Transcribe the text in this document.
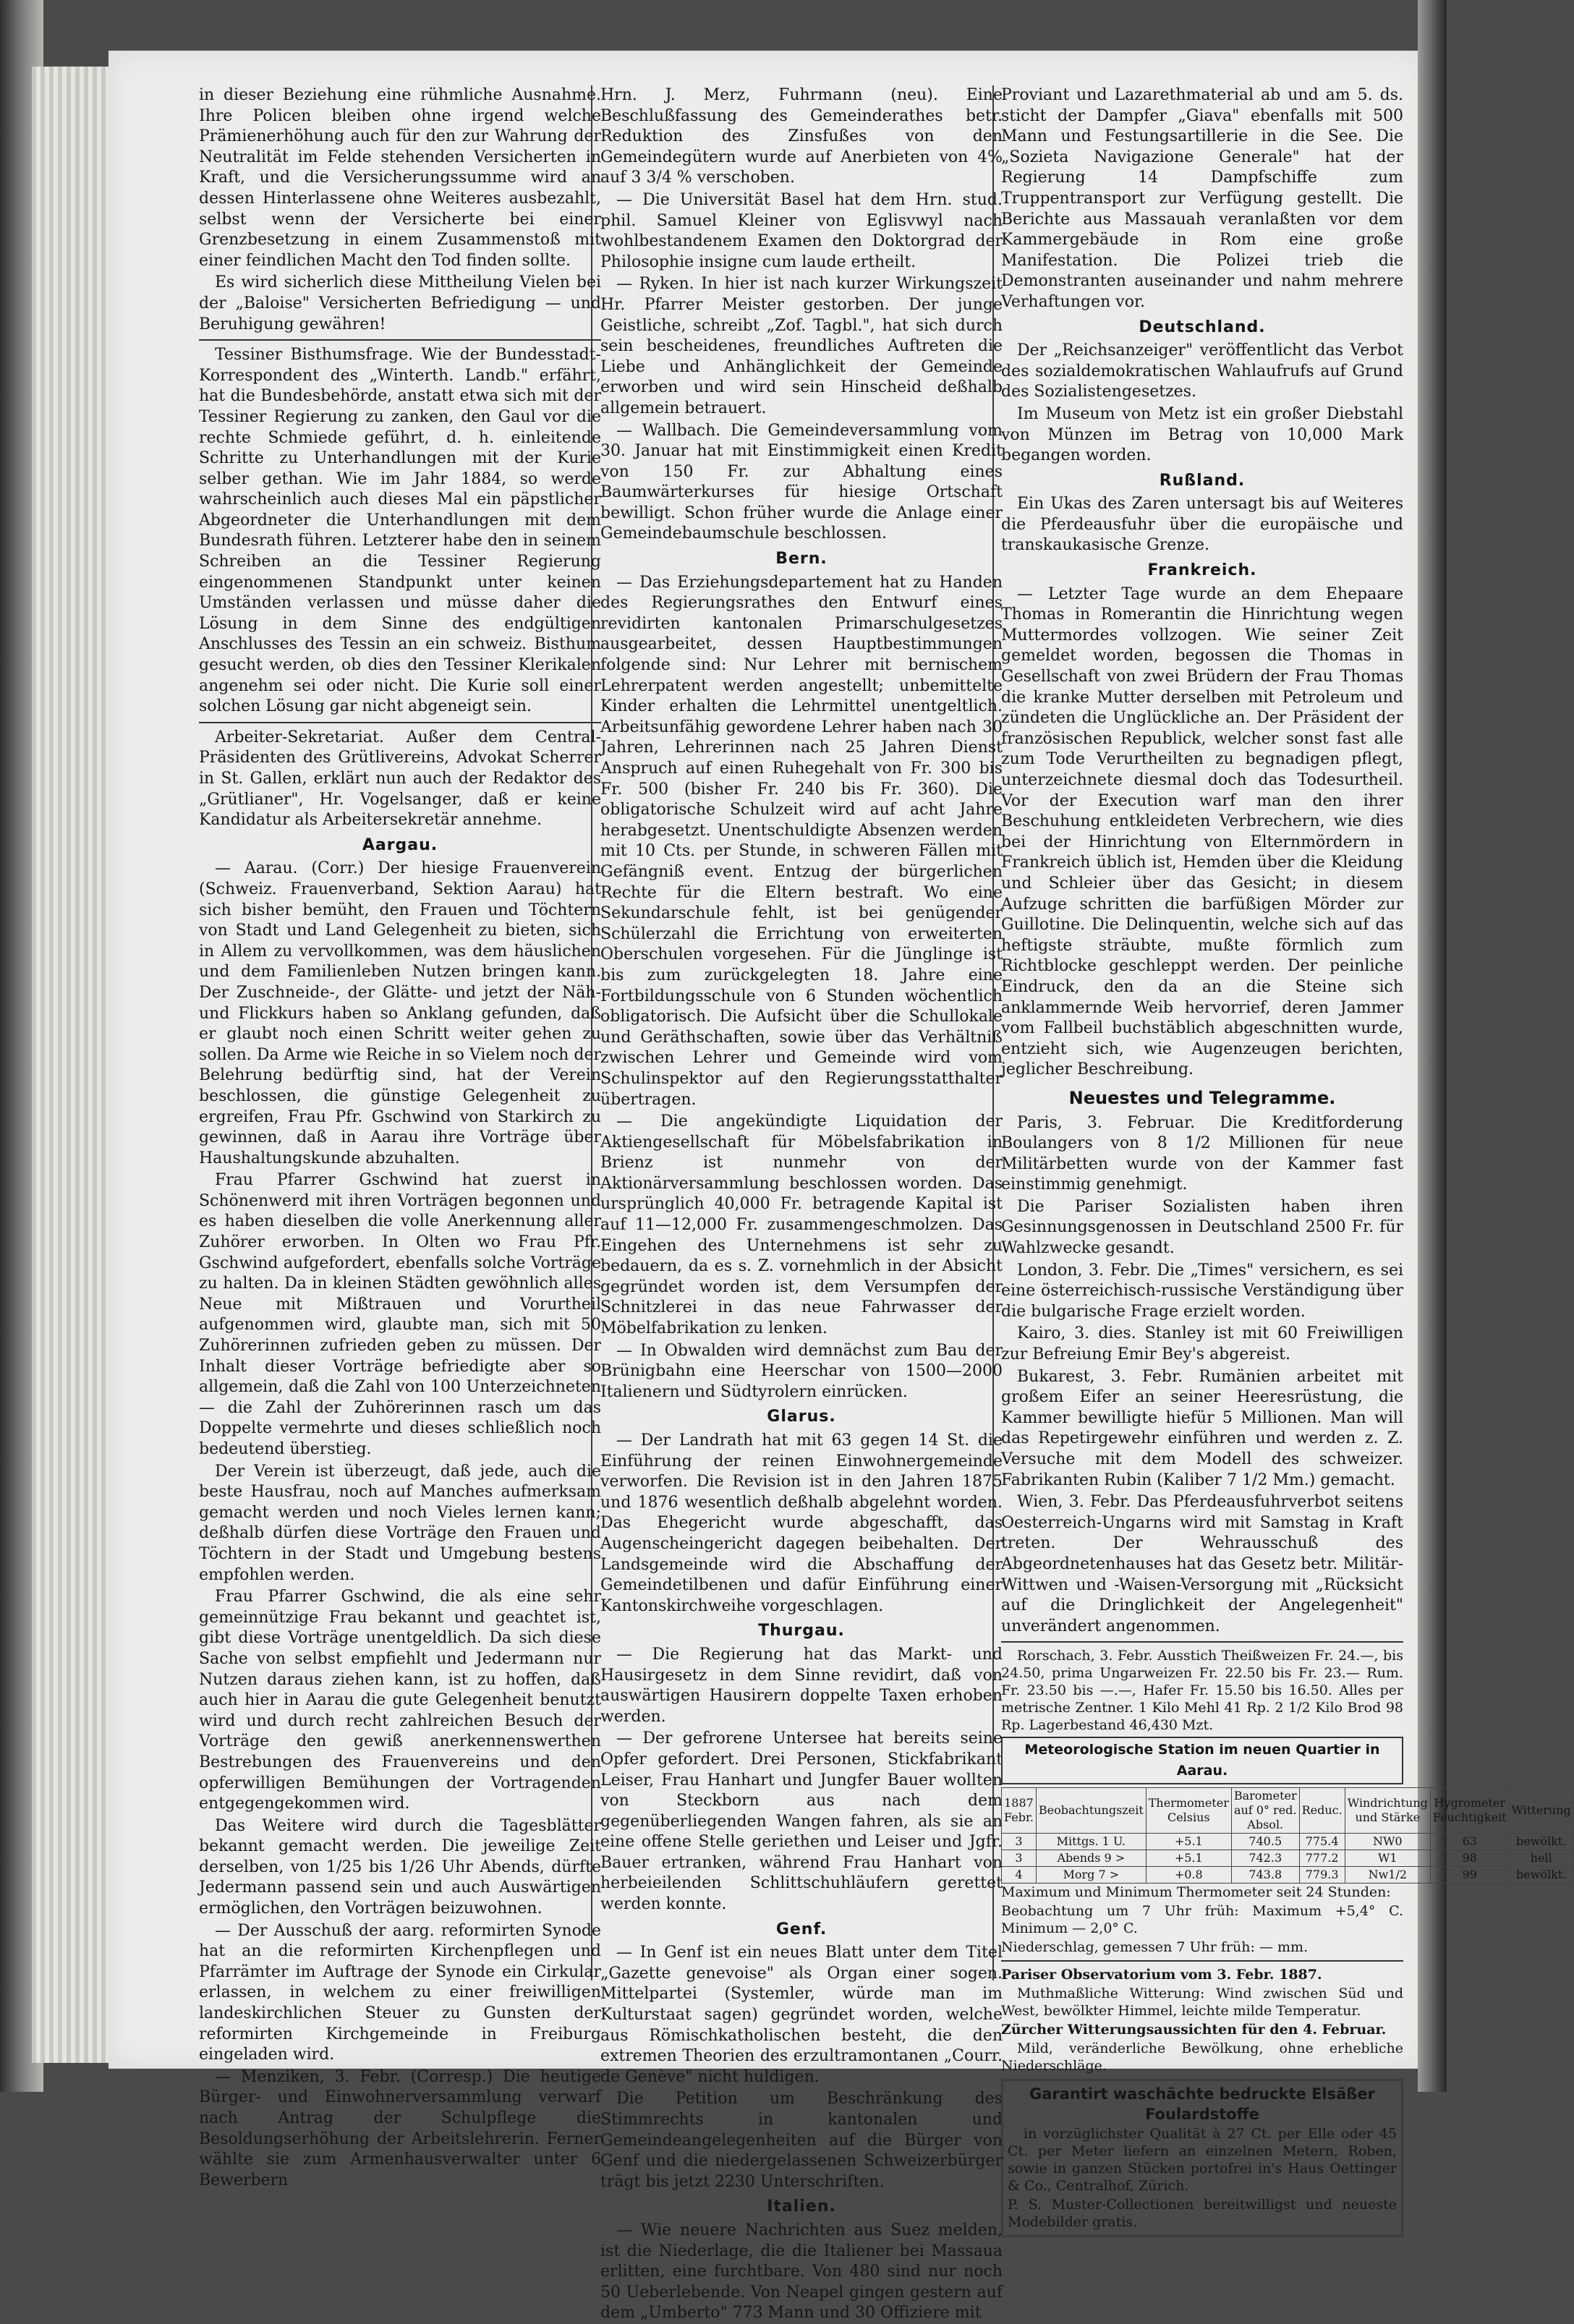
in dieser Beziehung eine rühmliche Ausnahme. Ihre Policen bleiben ohne irgend welche Prämienerhöhung auch für den zur Wahrung der Neutralität im Felde stehenden Versicherten in Kraft, und die Versicherungssumme wird an dessen Hinterlassene ohne Weiteres ausbezahlt, selbst wenn der Versicherte bei einer Grenzbesetzung in einem Zusammenstoß mit einer feindlichen Macht den Tod finden sollte.

Es wird sicherlich diese Mittheilung Vielen bei der „Baloise" Versicherten Befriedigung — und Beruhigung gewähren!

Tessiner Bisthumsfrage. Wie der Bundesstadt-Korrespondent des „Winterth. Landb." erfährt, hat die Bundesbehörde, anstatt etwa sich mit der Tessiner Regierung zu zanken, den Gaul vor die rechte Schmiede geführt, d. h. einleitende Schritte zu Unterhandlungen mit der Kurie selber gethan. Wie im Jahr 1884, so werde wahrscheinlich auch dieses Mal ein päpstlicher Abgeordneter die Unterhandlungen mit dem Bundesrath führen. Letzterer habe den in seinem Schreiben an die Tessiner Regierung eingenommenen Standpunkt unter keinen Umständen verlassen und müsse daher die Lösung in dem Sinne des endgültigen Anschlusses des Tessin an ein schweiz. Bisthum gesucht werden, ob dies den Tessiner Klerikalen angenehm sei oder nicht. Die Kurie soll einer solchen Lösung gar nicht abgeneigt sein.

Arbeiter-Sekretariat. Außer dem Central-Präsidenten des Grütlivereins, Advokat Scherrer in St. Gallen, erklärt nun auch der Redaktor des „Grütlianer", Hr. Vogelsanger, daß er keine Kandidatur als Arbeitersekretär annehme.

Aargau.

— Aarau. (Corr.) Der hiesige Frauenverein (Schweiz. Frauenverband, Sektion Aarau) hat sich bisher bemüht, den Frauen und Töchtern von Stadt und Land Gelegenheit zu bieten, sich in Allem zu vervollkommen, was dem häuslichen und dem Familienleben Nutzen bringen kann. Der Zuschneide-, der Glätte- und jetzt der Näh- und Flickkurs haben so Anklang gefunden, daß er glaubt noch einen Schritt weiter gehen zu sollen. Da Arme wie Reiche in so Vielem noch der Belehrung bedürftig sind, hat der Verein beschlossen, die günstige Gelegenheit zu ergreifen, Frau Pfr. Gschwind von Starkirch zu gewinnen, daß in Aarau ihre Vorträge über Haushaltungskunde abzuhalten.

Frau Pfarrer Gschwind hat zuerst in Schönenwerd mit ihren Vorträgen begonnen und es haben dieselben die volle Anerkennung aller Zuhörer erworben. In Olten wo Frau Pfr. Gschwind aufgefordert, ebenfalls solche Vorträge zu halten. Da in kleinen Städten gewöhnlich alles Neue mit Mißtrauen und Vorurtheil aufgenommen wird, glaubte man, sich mit 50 Zuhörerinnen zufrieden geben zu müssen. Der Inhalt dieser Vorträge befriedigte aber so allgemein, daß die Zahl von 100 Unterzeichneten — die Zahl der Zuhörerinnen rasch um das Doppelte vermehrte und dieses schließlich noch bedeutend überstieg.

Der Verein ist überzeugt, daß jede, auch die beste Hausfrau, noch auf Manches aufmerksam gemacht werden und noch Vieles lernen kann; deßhalb dürfen diese Vorträge den Frauen und Töchtern in der Stadt und Umgebung bestens empfohlen werden.

Frau Pfarrer Gschwind, die als eine sehr gemeinnützige Frau bekannt und geachtet ist, gibt diese Vorträge unentgeldlich. Da sich diese Sache von selbst empfiehlt und Jedermann nur Nutzen daraus ziehen kann, ist zu hoffen, daß auch hier in Aarau die gute Gelegenheit benutzt wird und durch recht zahlreichen Besuch der Vorträge den gewiß anerkennenswerthen Bestrebungen des Frauenvereins und den opferwilligen Bemühungen der Vortragenden entgegengekommen wird.

Das Weitere wird durch die Tagesblätter bekannt gemacht werden. Die jeweilige Zeit derselben, von 1/25 bis 1/26 Uhr Abends, dürfte Jedermann passend sein und auch Auswärtigen ermöglichen, den Vorträgen beizuwohnen.

— Der Ausschuß der aarg. reformirten Synode hat an die reformirten Kirchenpflegen und Pfarrämter im Auftrage der Synode ein Cirkular erlassen, in welchem zu einer freiwilligen landeskirchlichen Steuer zu Gunsten der reformirten Kirchgemeinde in Freiburg eingeladen wird.

— Menziken, 3. Febr. (Corresp.) Die heutige Bürger- und Einwohnerversammlung verwarf nach Antrag der Schulpflege die Besoldungserhöhung der Arbeitslehrerin. Ferner wählte sie zum Armenhausverwalter unter 6 Bewerbern

Hrn. J. Merz, Fuhrmann (neu). Eine Beschlußfassung des Gemeinderathes betr. Reduktion des Zinsfußes von den Gemeindegütern wurde auf Anerbieten von 4% auf 3 3/4 % verschoben.

— Die Universität Basel hat dem Hrn. stud. phil. Samuel Kleiner von Eglisvwyl nach wohlbestandenem Examen den Doktorgrad der Philosophie insigne cum laude ertheilt.

— Ryken. In hier ist nach kurzer Wirkungszeit Hr. Pfarrer Meister gestorben. Der junge Geistliche, schreibt „Zof. Tagbl.", hat sich durch sein bescheidenes, freundliches Auftreten die Liebe und Anhänglichkeit der Gemeinde erworben und wird sein Hinscheid deßhalb allgemein betrauert.

— Wallbach. Die Gemeindeversammlung vom 30. Januar hat mit Einstimmigkeit einen Kredit von 150 Fr. zur Abhaltung eines Baumwärterkurses für hiesige Ortschaft bewilligt. Schon früher wurde die Anlage einer Gemeindebaumschule beschlossen.

Bern.

— Das Erziehungsdepartement hat zu Handen des Regierungsrathes den Entwurf eines revidirten kantonalen Primarschulgesetzes ausgearbeitet, dessen Hauptbestimmungen folgende sind: Nur Lehrer mit bernischem Lehrerpatent werden angestellt; unbemittelte Kinder erhalten die Lehrmittel unentgeltlich. Arbeitsunfähig gewordene Lehrer haben nach 30 Jahren, Lehrerinnen nach 25 Jahren Dienst Anspruch auf einen Ruhegehalt von Fr. 300 bis Fr. 500 (bisher Fr. 240 bis Fr. 360). Die obligatorische Schulzeit wird auf acht Jahre herabgesetzt. Unentschuldigte Absenzen werden mit 10 Cts. per Stunde, in schweren Fällen mit Gefängniß event. Entzug der bürgerlichen Rechte für die Eltern bestraft. Wo eine Sekundarschule fehlt, ist bei genügender Schülerzahl die Errichtung von erweiterten Oberschulen vorgesehen. Für die Jünglinge ist bis zum zurückgelegten 18. Jahre eine Fortbildungsschule von 6 Stunden wöchentlich obligatorisch. Die Aufsicht über die Schullokale und Geräthschaften, sowie über das Verhältniß zwischen Lehrer und Gemeinde wird vom Schulinspektor auf den Regierungsstatthalter übertragen.

— Die angekündigte Liquidation der Aktiengesellschaft für Möbelsfabrikation in Brienz ist nunmehr von der Aktionärversammlung beschlossen worden. Das ursprünglich 40,000 Fr. betragende Kapital ist auf 11—12,000 Fr. zusammengeschmolzen. Das Eingehen des Unternehmens ist sehr zu bedauern, da es s. Z. vornehmlich in der Absicht gegründet worden ist, dem Versumpfen der Schnitzlerei in das neue Fahrwasser der Möbelfabrikation zu lenken.

— In Obwalden wird demnächst zum Bau der Brünigbahn eine Heerschar von 1500—2000 Italienern und Südtyrolern einrücken.

Glarus.

— Der Landrath hat mit 63 gegen 14 St. die Einführung der reinen Einwohnergemeinde verworfen. Die Revision ist in den Jahren 1875 und 1876 wesentlich deßhalb abgelehnt worden. Das Ehegericht wurde abgeschafft, das Augenscheingericht dagegen beibehalten. Der Landsgemeinde wird die Abschaffung der Gemeindetilbenen und dafür Einführung einer Kantonskirchweihe vorgeschlagen.

Thurgau.

— Die Regierung hat das Markt- und Hausirgesetz in dem Sinne revidirt, daß von auswärtigen Hausirern doppelte Taxen erhoben werden.

— Der gefrorene Untersee hat bereits seine Opfer gefordert. Drei Personen, Stickfabrikant Leiser, Frau Hanhart und Jungfer Bauer wollten von Steckborn aus nach dem gegenüberliegenden Wangen fahren, als sie an eine offene Stelle geriethen und Leiser und Jgfr. Bauer ertranken, während Frau Hanhart von herbeieilenden Schlittschuhläufern gerettet werden konnte.

Genf.

— In Genf ist ein neues Blatt unter dem Titel „Gazette genevoise" als Organ einer sogen. Mittelpartei (Systemler, würde man im Kulturstaat sagen) gegründet worden, welche aus Römischkatholischen besteht, die den extremen Theorien des erzultramontanen „Courr. de Genève" nicht huldigen.

Die Petition um Beschränkung des Stimmrechts in kantonalen und Gemeindeangelegenheiten auf die Bürger von Genf und die niedergelassenen Schweizerbürger trägt bis jetzt 2230 Unterschriften.

Italien.

— Wie neuere Nachrichten aus Suez melden, ist die Niederlage, die die Italiener bei Massaua erlitten, eine furchtbare. Von 480 sind nur noch 50 Ueberlebende. Von Neapel gingen gestern auf dem „Umberto" 773 Mann und 30 Offiziere mit

Proviant und Lazarethmaterial ab und am 5. ds. sticht der Dampfer „Giava" ebenfalls mit 500 Mann und Festungsartillerie in die See. Die „Sozieta Navigazione Generale" hat der Regierung 14 Dampfschiffe zum Truppentransport zur Verfügung gestellt. Die Berichte aus Massauah veranlaßten vor dem Kammergebäude in Rom eine große Manifestation. Die Polizei trieb die Demonstranten auseinander und nahm mehrere Verhaftungen vor.

Deutschland.

Der „Reichsanzeiger" veröffentlicht das Verbot des sozialdemokratischen Wahlaufrufs auf Grund des Sozialistengesetzes.

Im Museum von Metz ist ein großer Diebstahl von Münzen im Betrag von 10,000 Mark begangen worden.

Rußland.

Ein Ukas des Zaren untersagt bis auf Weiteres die Pferdeausfuhr über die europäische und transkaukasische Grenze.

Frankreich.

— Letzter Tage wurde an dem Ehepaare Thomas in Romerantin die Hinrichtung wegen Muttermordes vollzogen. Wie seiner Zeit gemeldet worden, begossen die Thomas in Gesellschaft von zwei Brüdern der Frau Thomas die kranke Mutter derselben mit Petroleum und zündeten die Unglückliche an. Der Präsident der französischen Republick, welcher sonst fast alle zum Tode Verurtheilten zu begnadigen pflegt, unterzeichnete diesmal doch das Todesurtheil. Vor der Execution warf man den ihrer Beschuhung entkleideten Verbrechern, wie dies bei der Hinrichtung von Elternmördern in Frankreich üblich ist, Hemden über die Kleidung und Schleier über das Gesicht; in diesem Aufzuge schritten die barfüßigen Mörder zur Guillotine. Die Delinquentin, welche sich auf das heftigste sträubte, mußte förmlich zum Richtblocke geschleppt werden. Der peinliche Eindruck, den da an die Steine sich anklammernde Weib hervorrief, deren Jammer vom Fallbeil buchstäblich abgeschnitten wurde, entzieht sich, wie Augenzeugen berichten, jeglicher Beschreibung.

Neuestes und Telegramme.

Paris, 3. Februar. Die Kreditforderung Boulangers von 8 1/2 Millionen für neue Militärbetten wurde von der Kammer fast einstimmig genehmigt.

Die Pariser Sozialisten haben ihren Gesinnungsgenossen in Deutschland 2500 Fr. für Wahlzwecke gesandt.

London, 3. Febr. Die „Times" versichern, es sei eine österreichisch-russische Verständigung über die bulgarische Frage erzielt worden.

Kairo, 3. dies. Stanley ist mit 60 Freiwilligen zur Befreiung Emir Bey's abgereist.

Bukarest, 3. Febr. Rumänien arbeitet mit großem Eifer an seiner Heeresrüstung, die Kammer bewilligte hiefür 5 Millionen. Man will das Repetirgewehr einführen und werden z. Z. Versuche mit dem Modell des schweizer. Fabrikanten Rubin (Kaliber 7 1/2 Mm.) gemacht.

Wien, 3. Febr. Das Pferdeausfuhrverbot seitens Oesterreich-Ungarns wird mit Samstag in Kraft treten. Der Wehrausschuß des Abgeordnetenhauses hat das Gesetz betr. Militär-Wittwen und -Waisen-Versorgung mit „Rücksicht auf die Dringlichkeit der Angelegenheit" unverändert angenommen.

Rorschach, 3. Febr. Ausstich Theißweizen Fr. 24.—, bis 24.50, prima Ungarweizen Fr. 22.50 bis Fr. 23.— Rum. Fr. 23.50 bis —.—, Hafer Fr. 15.50 bis 16.50. Alles per metrische Zentner. 1 Kilo Mehl 41 Rp. 2 1/2 Kilo Brod 98 Rp. Lagerbestand 46,430 Mzt.

Meteorologische Station im neuen Quartier in Aarau.
1887 Febr.	Beobachtungszeit	Thermometer Celsius	Barometer auf 0° red. Absol.	Reduc.	Windrichtung und Stärke	Hygrometer Feuchtigkeit	Witterung
3	Mittgs. 1 U.	+5.1	740.5	775.4	NW0	63	bewölkt.
3	Abends 9 >	+5.1	742.3	777.2	W1	98	hell
4	Morg 7 >	+0.8	743.8	779.3	Nw1/2	99	bewölkt.

Maximum und Minimum Thermometer seit 24 Stunden:

Beobachtung um 7 Uhr früh: Maximum +5,4° C. Minimum — 2,0° C.

Niederschlag, gemessen 7 Uhr früh: — mm.

Pariser Observatorium vom 3. Febr. 1887.

Muthmaßliche Witterung: Wind zwischen Süd und West, bewölkter Himmel, leichte milde Temperatur.

Zürcher Witterungsaussichten für den 4. Februar.

Mild, veränderliche Bewölkung, ohne erhebliche Niederschläge.

Garantirt waschächte bedruckte Elsäßer Foulardstoffe

in vorzüglichster Qualität à 27 Ct. per Elle oder 45 Ct. per Meter liefern an einzelnen Metern, Roben, sowie in ganzen Stücken portofrei in's Haus Oettinger & Co., Centralhof, Zürich.

P. S. Muster-Collectionen bereitwilligst und neueste Modebilder gratis.
